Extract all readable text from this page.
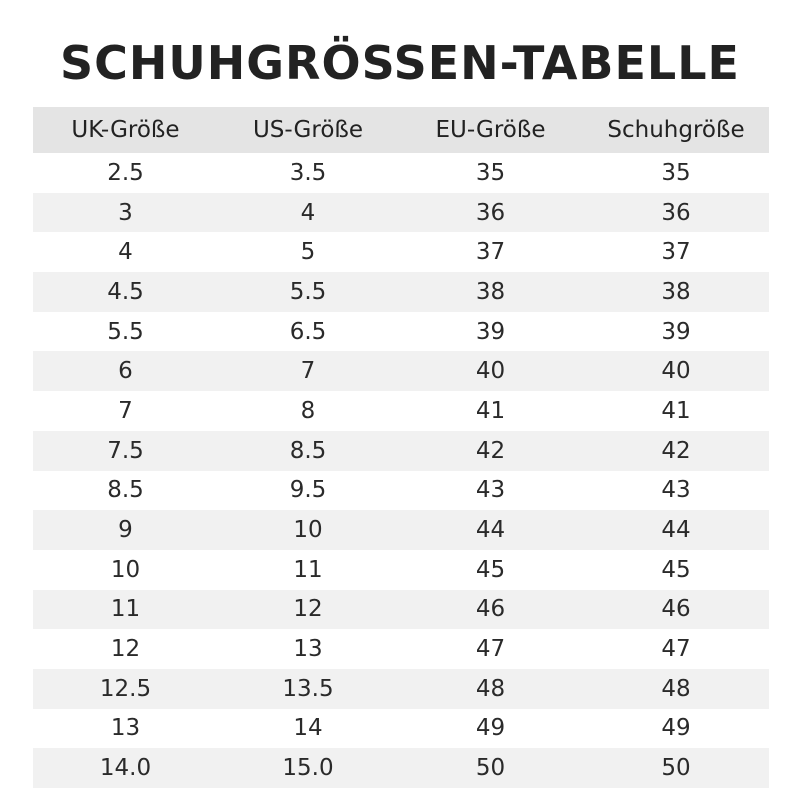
SCHUHGRÖSSEN-TABELLE
UK-Größe	US-Größe	EU-Größe	Schuhgröße
2.5	3.5	35	35
3	4	36	36
4	5	37	37
4.5	5.5	38	38
5.5	6.5	39	39
6	7	40	40
7	8	41	41
7.5	8.5	42	42
8.5	9.5	43	43
9	10	44	44
10	11	45	45
11	12	46	46
12	13	47	47
12.5	13.5	48	48
13	14	49	49
14.0	15.0	50	50
